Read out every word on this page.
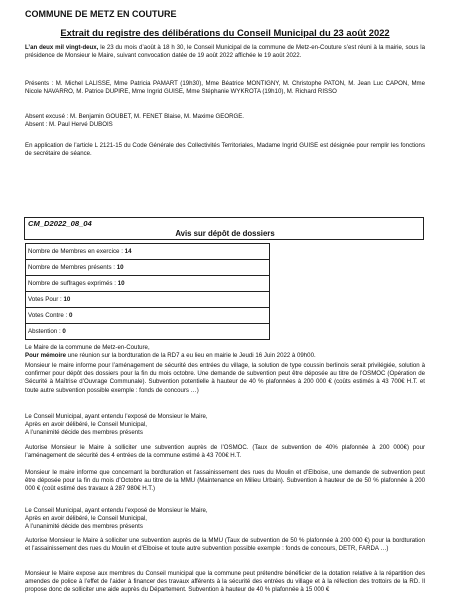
COMMUNE DE METZ EN COUTURE
Extrait du registre des délibérations du Conseil Municipal du 23 août 2022

L’an deux mil vingt-deux, le 23 du mois d’août à 18 h 30, le Conseil Municipal de la commune de Metz-en-Couture s’est réuni à la mairie, sous la présidence de Monsieur le Maire, suivant convocation datée de 19 août 2022 affichée le 19 août 2022.

Présents : M. Michel LALISSE, Mme Patricia PAMART (19h30), Mme Béatrice MONTIGNY, M. Christophe PATON, M. Jean Luc CAPON, Mme Nicole NAVARRO, M. Patrice DUPIRE, Mme Ingrid GUISE, Mme Stéphanie WYKROTA (19h10), M. Richard RISSO

Absent excusé : M. Benjamin GOUBET, M. FENET Blaise, M. Maxime GEORGE.
Absent : M. Paul Hervé DUBOIS

En application de l’article L 2121-15 du Code Générale des Collectivités Territoriales, Madame Ingrid GUISE est désignée pour remplir les fonctions de secrétaire de séance.

CM_D2022_08_04
Avis sur dépôt de dossiers
Nombre de Membres en exercice : 14
Nombre de Membres présents : 10
Nombre de suffrages exprimés : 10
Votes Pour : 10
Votes Contre : 0
Abstention : 0

Le Maire de la commune de Metz-en-Couture,
Pour mémoire une réunion sur la bordturation de la RD7 a eu lieu en mairie le Jeudi 16 Juin 2022 à 09h00.

Monsieur le maire informe pour l’aménagement de sécurité des entrées du village, la solution de type coussin berlinois serait privilégiée, solution à confirmer pour dépôt des dossiers pour la fin du mois octobre. Une demande de subvention peut être déposée au titre de l’OSMOC (Opération de Sécurité à Maîtrise d’Ouvrage Communale). Subvention potentielle à hauteur de 40 % plafonnées à 200 000 € (coûts estimés à 43 700€ H.T. et toute autre subvention possible exemple : fonds de concours …)

Le Conseil Municipal, ayant entendu l’exposé de Monsieur le Maire,
Après en avoir délibéré, le Conseil Municipal,
A l’unanimité décide des membres présents

Autorise Monsieur le Maire à solliciter une subvention auprès de l’OSMOC. (Taux de subvention de 40% plafonnée à 200 000€) pour l’aménagement de sécurité des 4 entrées de la commune estimé à 43 700€ H.T.

Monsieur le maire informe que concernant la bordturation et l’assainissement des rues du Moulin et d’Elboise, une demande de subvention peut être déposée pour la fin du mois d’Octobre au titre de la MMU (Maintenance en Milieu Urbain). Subvention à hauteur de de 50 % plafonnée à 200 000 € (coût estimé des travaux à 287 980€ H.T.)

Le Conseil Municipal, ayant entendu l’exposé de Monsieur le Maire,
Après en avoir délibéré, le Conseil Municipal,
A l’unanimité décide des membres présents

Autorise Monsieur le Maire à solliciter une subvention auprès de la MMU (Taux de subvention de 50 % plafonnée à 200 000 €) pour la bordturation et l’assainissement des rues du Moulin et d’Elboise et toute autre subvention possible exemple : fonds de concours, DETR, FARDA …)

Monsieur le Maire expose aux membres du Conseil municipal que la commune peut prétendre bénéficier de la dotation relative à la répartition des amendes de police à l’effet de l’aider à financer des travaux afférents à la sécurité des entrées du village et à la réfection des trottoirs de la RD. Il propose donc de solliciter une aide auprès du Département. Subvention à hauteur de 40 % plafonnée à 15 000 €
